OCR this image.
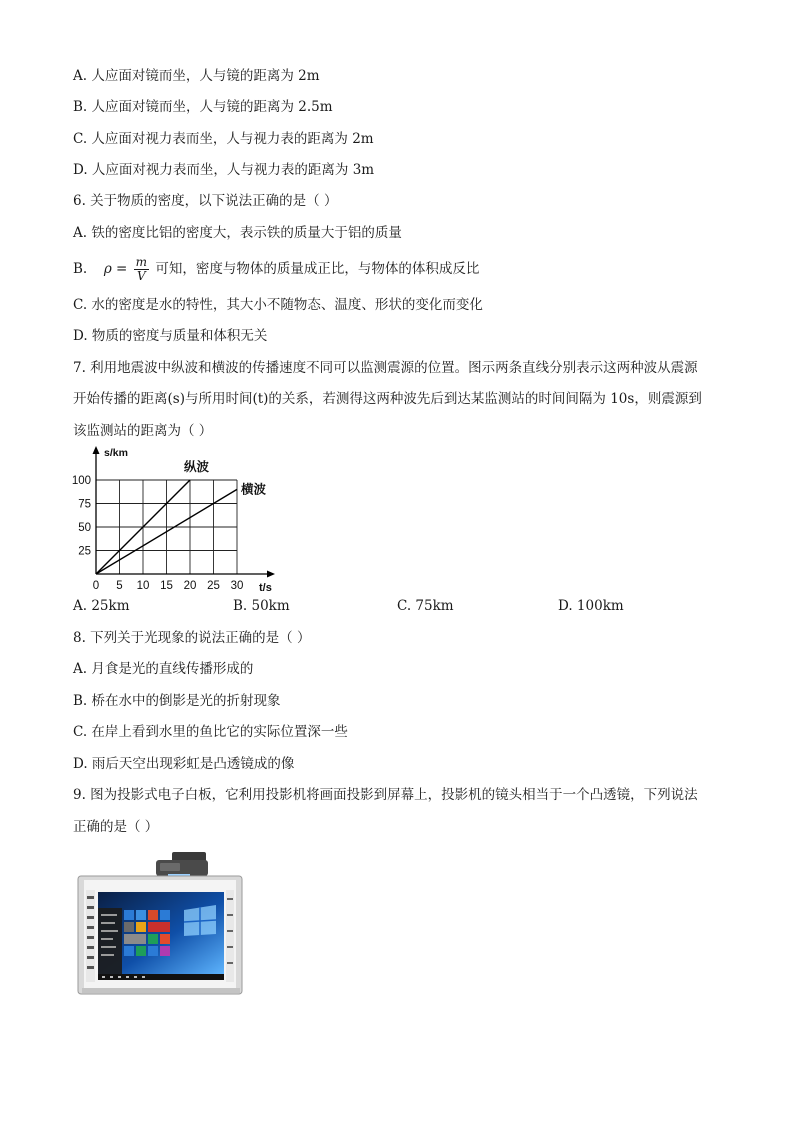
A. 人应面对镜而坐，人与镜的距离为 2m
B. 人应面对镜而坐，人与镜的距离为 2.5m
C. 人应面对视力表而坐，人与视力表的距离为 2m
D. 人应面对视力表而坐，人与视力表的距离为 3m
6. 关于物质的密度，以下说法正确的是（ ）
A. 铁的密度比铝的密度大，表示铁的质量大于铝的质量
B. $\rho = \frac{m}{V}$ 可知，密度与物体的质量成正比，与物体的体积成反比
C. 水的密度是水的特性，其大小不随物态、温度、形状的变化而变化
D. 物质的密度与质量和体积无关
7. 利用地震波中纵波和横波的传播速度不同可以监测震源的位置。图示两条直线分别表示这两种波从震源
开始传播的距离(s)与所用时间(t)的关系，若测得这两种波先后到达某监测站的时间间隔为 10s，则震源到
该监测站的距离为（ ）
0 5 10 15 20 25 30
25
50
75
100
s/km
t/s
纵波
横波
A. 25km	B. 50km	C. 75km	D. 100km
8. 下列关于光现象的说法正确的是（ ）
A. 月食是光的直线传播形成的
B. 桥在水中的倒影是光的折射现象
C. 在岸上看到水里的鱼比它的实际位置深一些
D. 雨后天空出现彩虹是凸透镜成的像
9. 图为投影式电子白板，它利用投影机将画面投影到屏幕上，投影机的镜头相当于一个凸透镜，下列说法
正确的是（ ）
